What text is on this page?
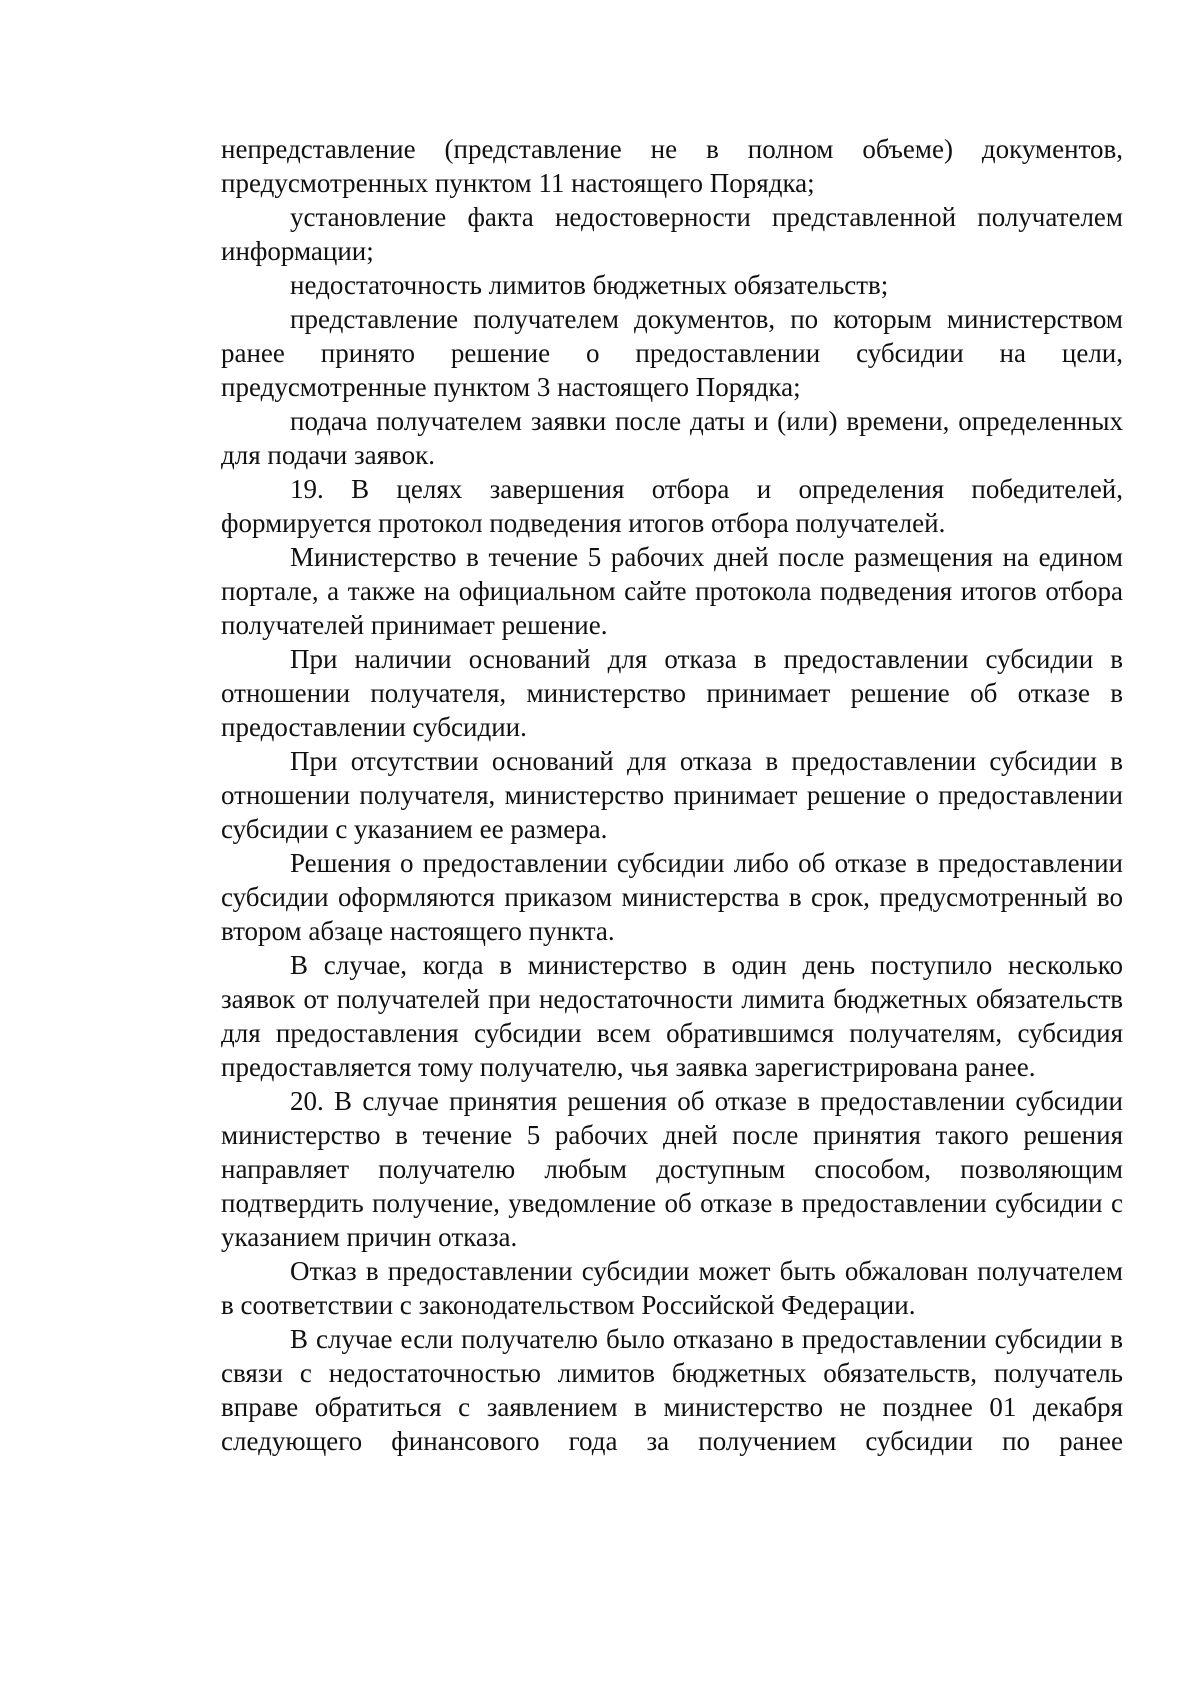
непредставление (представление не в полном объеме) документов, предусмотренных пунктом 11 настоящего Порядка;

установление факта недостоверности представленной получателем информации;

недостаточность лимитов бюджетных обязательств;

представление получателем документов, по которым министерством ранее принято решение о предоставлении субсидии на цели, предусмотренные пунктом 3 настоящего Порядка;

подача получателем заявки после даты и (или) времени, определенных для подачи заявок.

19. В целях завершения отбора и определения победителей, формируется протокол подведения итогов отбора получателей.

Министерство в течение 5 рабочих дней после размещения на едином портале, а также на официальном сайте протокола подведения итогов отбора получателей принимает решение.

При наличии оснований для отказа в предоставлении субсидии в отношении получателя, министерство принимает решение об отказе в предоставлении субсидии.

При отсутствии оснований для отказа в предоставлении субсидии в отношении получателя, министерство принимает решение о предоставлении субсидии с указанием ее размера.

Решения о предоставлении субсидии либо об отказе в предоставлении субсидии оформляются приказом министерства в срок, предусмотренный во втором абзаце настоящего пункта.

В случае, когда в министерство в один день поступило несколько заявок от получателей при недостаточности лимита бюджетных обязательств для предоставления субсидии всем обратившимся получателям, субсидия предоставляется тому получателю, чья заявка зарегистрирована ранее.

20. В случае принятия решения об отказе в предоставлении субсидии министерство в течение 5 рабочих дней после принятия такого решения направляет получателю любым доступным способом, позволяющим подтвердить получение, уведомление об отказе в предоставлении субсидии с указанием причин отказа.

Отказ в предоставлении субсидии может быть обжалован получателем в соответствии с законодательством Российской Федерации.

В случае если получателю было отказано в предоставлении субсидии в
связи с недостаточностью лимитов бюджетных обязательств, получатель
вправе обратиться с заявлением в министерство не позднее 01 декабря
следующего финансового года за получением субсидии по ранее
